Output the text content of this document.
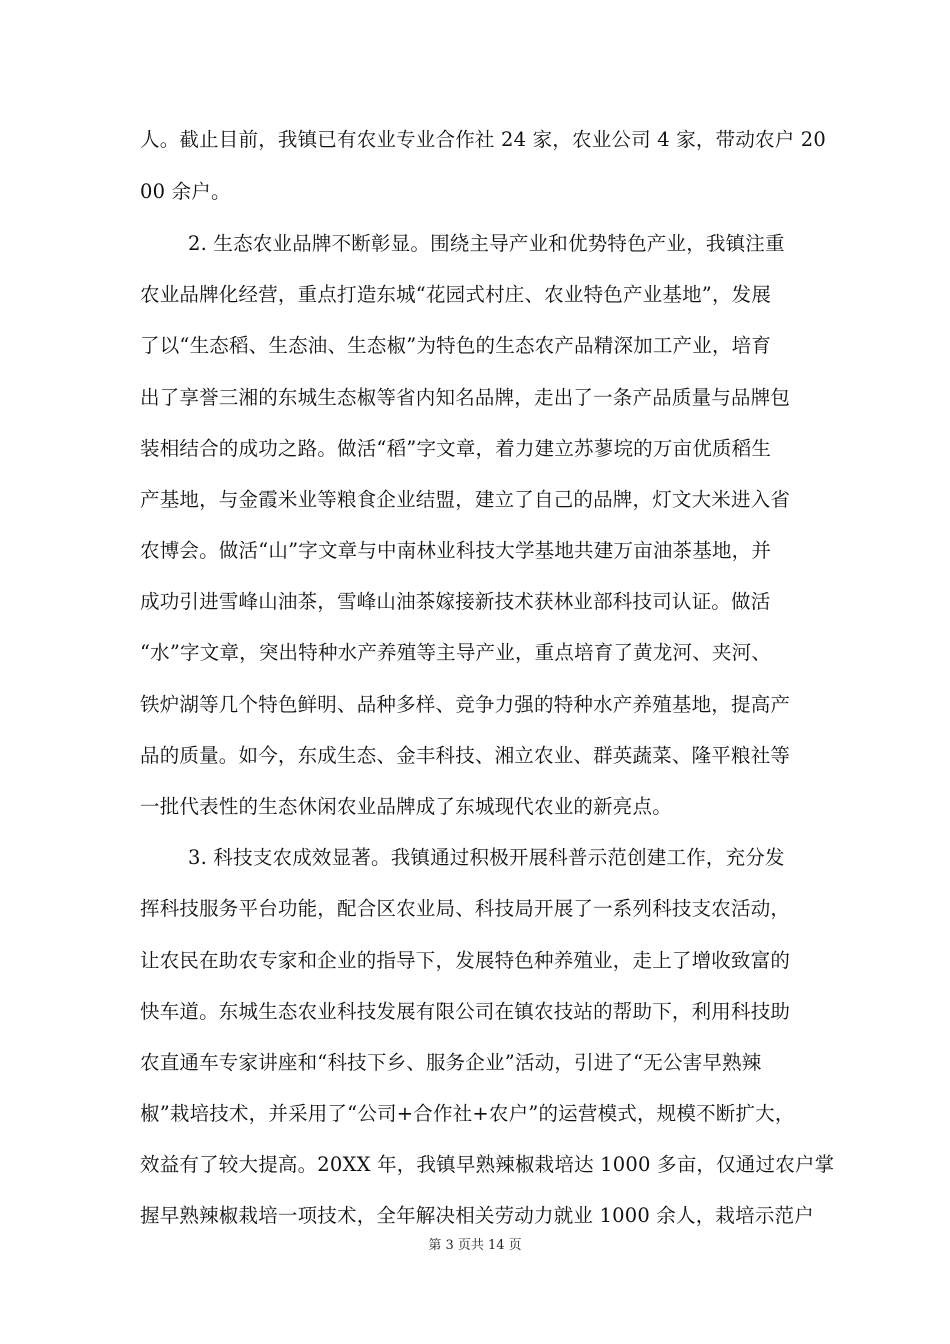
人。截止目前，我镇已有农业专业合作社 24 家，农业公司 4 家，带动农户 20
00 余户。
2. 生态农业品牌不断彰显。围绕主导产业和优势特色产业，我镇注重
农业品牌化经营，重点打造东城“花园式村庄、农业特色产业基地”，发展
了以“生态稻、生态油、生态椒”为特色的生态农产品精深加工产业，培育
出了享誉三湘的东城生态椒等省内知名品牌，走出了一条产品质量与品牌包
装相结合的成功之路。做活“稻”字文章，着力建立苏蓼垸的万亩优质稻生
产基地，与金霞米业等粮食企业结盟，建立了自己的品牌，灯文大米进入省
农博会。做活“山”字文章与中南林业科技大学基地共建万亩油茶基地，并
成功引进雪峰山油茶，雪峰山油茶嫁接新技术获林业部科技司认证。做活
“水”字文章，突出特种水产养殖等主导产业，重点培育了黄龙河、夹河、
铁炉湖等几个特色鲜明、品种多样、竞争力强的特种水产养殖基地，提高产
品的质量。如今，东成生态、金丰科技、湘立农业、群英蔬菜、隆平粮社等
一批代表性的生态休闲农业品牌成了东城现代农业的新亮点。
3. 科技支农成效显著。我镇通过积极开展科普示范创建工作，充分发
挥科技服务平台功能，配合区农业局、科技局开展了一系列科技支农活动，
让农民在助农专家和企业的指导下，发展特色种养殖业，走上了增收致富的
快车道。东城生态农业科技发展有限公司在镇农技站的帮助下，利用科技助
农直通车专家讲座和“科技下乡、服务企业”活动，引进了“无公害早熟辣
椒”栽培技术，并采用了“公司+合作社+农户”的运营模式，规模不断扩大，
效益有了较大提高。20XX 年，我镇早熟辣椒栽培达 1000 多亩，仅通过农户掌
握早熟辣椒栽培一项技术，全年解决相关劳动力就业 1000 余人，栽培示范户
第 3 页共 14 页
